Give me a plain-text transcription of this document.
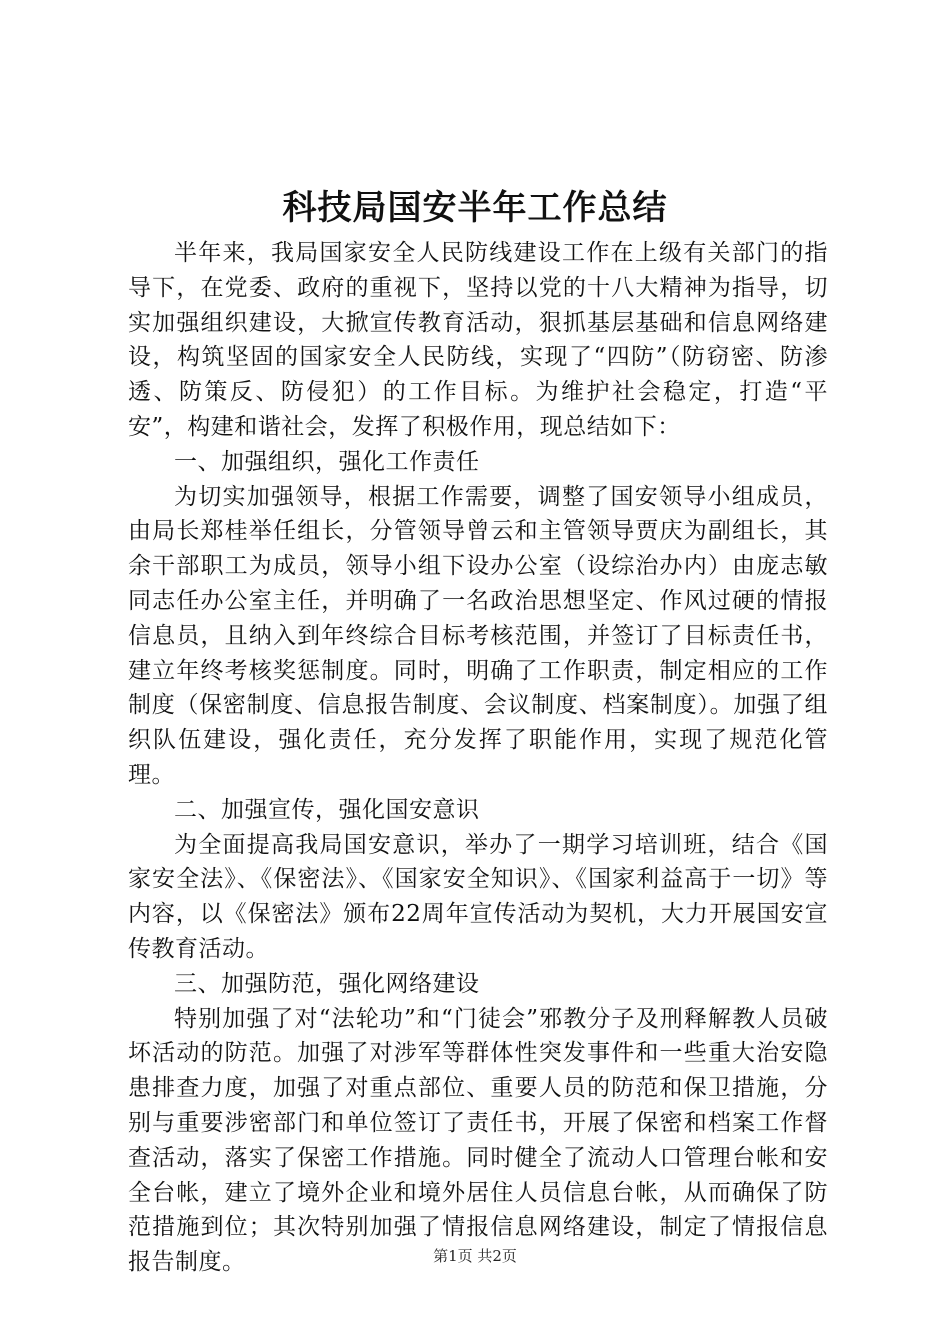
科技局国安半年工作总结

半年来，我局国家安全人民防线建设工作在上级有关部门的指导下，在党委、政府的重视下，坚持以党的十八大精神为指导，切实加强组织建设，大掀宣传教育活动，狠抓基层基础和信息网络建设，构筑坚固的国家安全人民防线，实现了“四防”（防窃密、防渗透、防策反、防侵犯）的工作目标。为维护社会稳定，打造“平安”，构建和谐社会，发挥了积极作用，现总结如下：

一、加强组织，强化工作责任

为切实加强领导，根据工作需要，调整了国安领导小组成员，由局长郑桂举任组长，分管领导曾云和主管领导贾庆为副组长，其余干部职工为成员，领导小组下设办公室（设综治办内）由庞志敏同志任办公室主任，并明确了一名政治思想坚定、作风过硬的情报信息员，且纳入到年终综合目标考核范围，并签订了目标责任书，建立年终考核奖惩制度。同时，明确了工作职责，制定相应的工作制度（保密制度、信息报告制度、会议制度、档案制度）。加强了组织队伍建设，强化责任，充分发挥了职能作用，实现了规范化管理。

二、加强宣传，强化国安意识

为全面提高我局国安意识，举办了一期学习培训班，结合《国家安全法》、《保密法》、《国家安全知识》、《国家利益高于一切》等内容，以《保密法》颁布22周年宣传活动为契机，大力开展国安宣传教育活动。

三、加强防范，强化网络建设

特别加强了对“法轮功”和“门徒会”邪教分子及刑释解教人员破坏活动的防范。加强了对涉军等群体性突发事件和一些重大治安隐患排查力度，加强了对重点部位、重要人员的防范和保卫措施，分别与重要涉密部门和单位签订了责任书，开展了保密和档案工作督查活动，落实了保密工作措施。同时健全了流动人口管理台帐和安全台帐，建立了境外企业和境外居住人员信息台帐，从而确保了防范措施到位；其次特别加强了情报信息网络建设，制定了情报信息报告制度。	第1页 共2页
